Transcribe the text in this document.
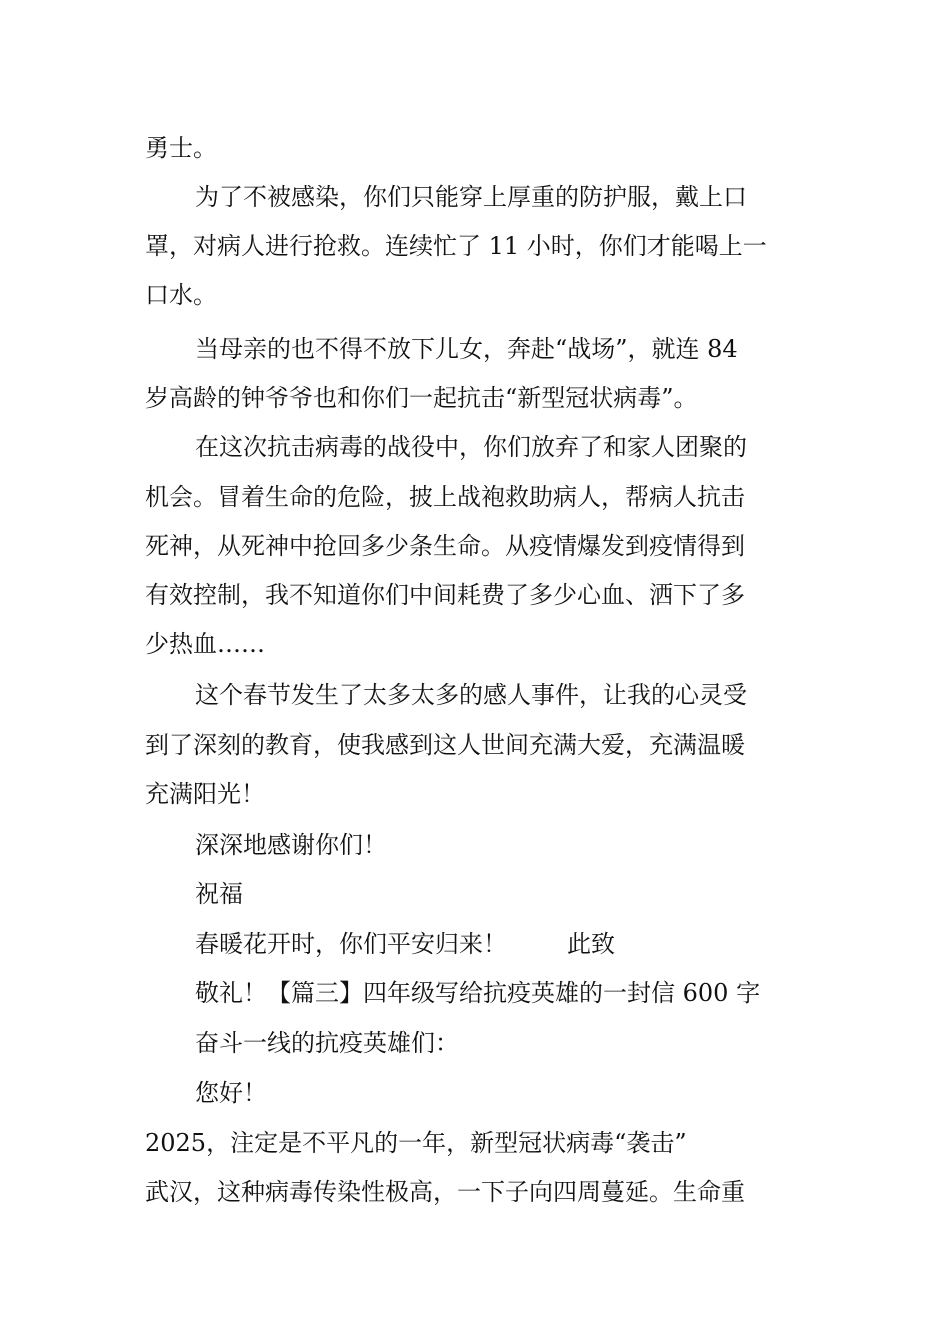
勇士。
为了不被感染，你们只能穿上厚重的防护服，戴上口
罩，对病人进行抢救。连续忙了 11 小时，你们才能喝上一
口水。
当母亲的也不得不放下儿女，奔赴“战场”，就连 84
岁高龄的钟爷爷也和你们一起抗击“新型冠状病毒”。
在这次抗击病毒的战役中，你们放弃了和家人团聚的
机会。冒着生命的危险，披上战袍救助病人，帮病人抗击
死神，从死神中抢回多少条生命。从疫情爆发到疫情得到
有效控制，我不知道你们中间耗费了多少心血、洒下了多
少热血……
这个春节发生了太多太多的感人事件，让我的心灵受
到了深刻的教育，使我感到这人世间充满大爱，充满温暖
充满阳光！
深深地感谢你们！
祝福
春暖花开时，你们平安归来！	此致
敬礼！【篇三】四年级写给抗疫英雄的一封信 600 字
奋斗一线的抗疫英雄们：
您好！
2025，注定是不平凡的一年，新型冠状病毒“袭击”
武汉，这种病毒传染性极高，一下子向四周蔓延。生命重
